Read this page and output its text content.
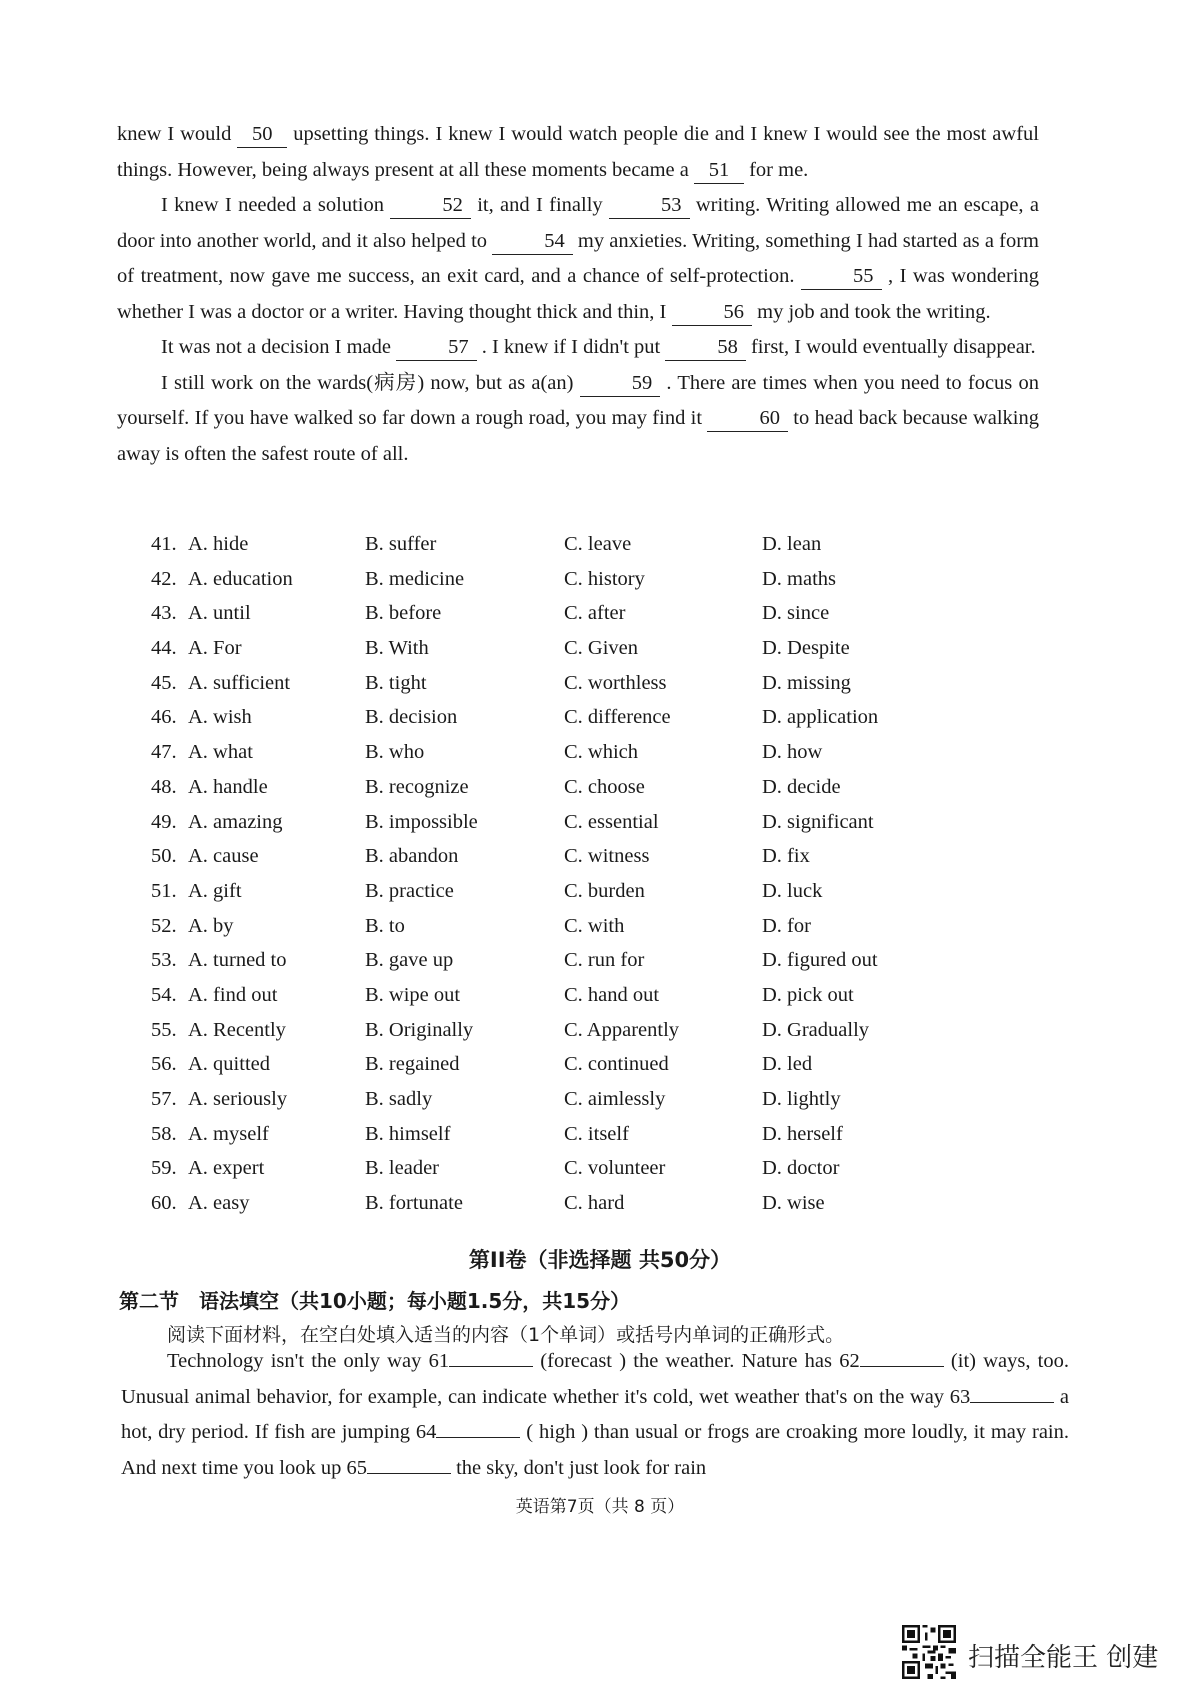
knew I would 50 upsetting things. I knew I would watch people die and I knew I would see the most awful things. However, being always present at all these moments became a 51 for me.

I knew I needed a solution	52 it, and I finally	53 writing. Writing allowed me an escape, a door into another world, and it also helped to	54 my anxieties. Writing, something I had started as a form of treatment, now gave me success, an exit card, and a chance of self-protection.	55 , I was wondering whether I was a doctor or a writer. Having thought thick and thin, I	56 my job and took the writing.

It was not a decision I made	57 . I knew if I didn't put	58 first, I would eventually disappear.

I still work on the wards(病房) now, but as a(an)	59 . There are times when you need to focus on yourself. If you have walked so far down a rough road, you may find it	60 to head back because walking away is often the safest route of all.

41. A. hide	B. suffer	C. leave	D. lean
42. A. education	B. medicine	C. history	D. maths
43. A. until	B. before	C. after	D. since
44. A. For	B. With	C. Given	D. Despite
45. A. sufficient	B. tight	C. worthless	D. missing
46. A. wish	B. decision	C. difference	D. application
47. A. what	B. who	C. which	D. how
48. A. handle	B. recognize	C. choose	D. decide
49. A. amazing	B. impossible	C. essential	D. significant
50. A. cause	B. abandon	C. witness	D. fix
51. A. gift	B. practice	C. burden	D. luck
52. A. by	B. to	C. with	D. for
53. A. turned to	B. gave up	C. run for	D. figured out
54. A. find out	B. wipe out	C. hand out	D. pick out
55. A. Recently	B. Originally	C. Apparently	D. Gradually
56. A. quitted	B. regained	C. continued	D. led
57. A. seriously	B. sadly	C. aimlessly	D. lightly
58. A. myself	B. himself	C. itself	D. herself
59. A. expert	B. leader	C. volunteer	D. doctor
60. A. easy	B. fortunate	C. hard	D. wise
第II卷（非选择题 共50分）
第二节　语法填空（共10小题；每小题1.5分，共15分）
阅读下面材料，在空白处填入适当的内容（1个单词）或括号内单词的正确形式。

Technology isn't the only way 61	(forecast ) the weather. Nature has 62	(it) ways, too. Unusual animal behavior, for example, can indicate whether it's cold, wet weather that's on the way 63	a hot, dry period. If fish are jumping 64	( high ) than usual or frogs are croaking more loudly, it may rain. And next time you look up 65	the sky, don't just look for rain

英语第7页（共 8 页）
扫描全能王 创建
